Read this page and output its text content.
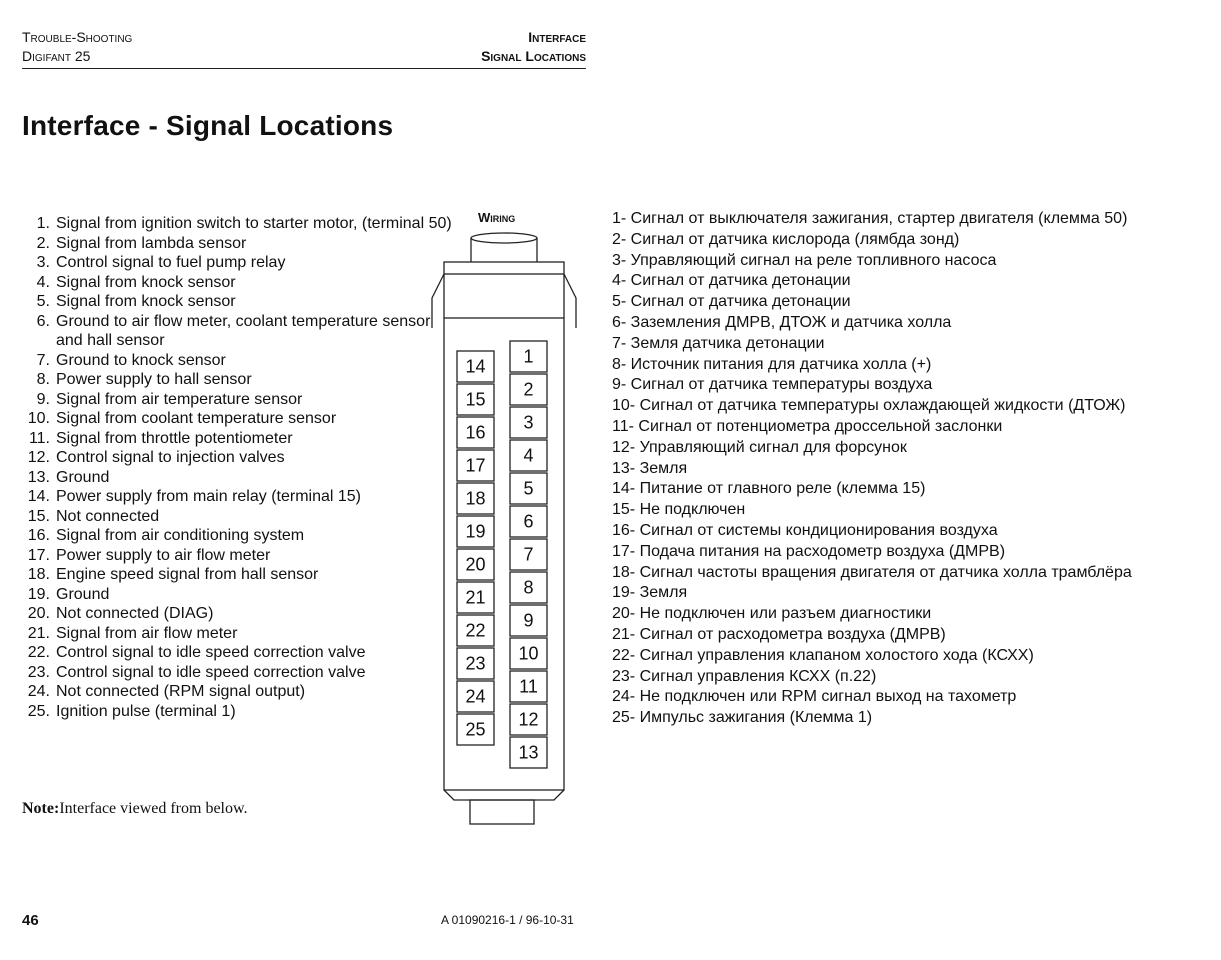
Trouble-Shooting
Digifant 25
Interface
Signal Locations
Interface - Signal Locations
1. Signal from ignition switch to starter motor, (terminal 50)
2. Signal from lambda sensor
3. Control signal to fuel pump relay
4. Signal from knock sensor
5. Signal from knock sensor
6. Ground to air flow meter, coolant temperature sensor
and hall sensor
7. Ground to knock sensor
8. Power supply to hall sensor
9. Signal from air temperature sensor
10. Signal from coolant temperature sensor
11. Signal from throttle potentiometer
12. Control signal to injection valves
13. Ground
14. Power supply from main relay (terminal 15)
15. Not connected
16. Signal from air conditioning system
17. Power supply to air flow meter
18. Engine speed signal from hall sensor
19. Ground
20. Not connected (DIAG)
21. Signal from air flow meter
22. Control signal to idle speed correction valve
23. Control signal to idle speed correction valve
24. Not connected (RPM signal output)
25. Ignition pulse (terminal 1)
Note:Interface viewed from below.
Wiring
14
15
16
17
18
19
20
21
22
23
24
25
1
2
3
4
5
6
7
8
9
10
11
12
13
1- Сигнал от выключателя зажигания, стартер двигателя (клемма 50)
2- Сигнал от датчика кислорода (лямбда зонд)
3- Управляющий сигнал на реле топливного насоса
4- Сигнал от датчика детонации
5- Сигнал от датчика детонации
6- Заземления ДМРВ, ДТОЖ и датчика холла
7- Земля датчика детонации
8- Источник питания для датчика холла (+)
9- Сигнал от датчика температуры воздуха
10- Сигнал от датчика температуры охлаждающей жидкости (ДТОЖ)
11- Сигнал от потенциометра дроссельной заслонки
12- Управляющий сигнал для форсунок
13- Земля
14- Питание от главного реле (клемма 15)
15- Не подключен
16- Сигнал от системы кондиционирования воздуха
17- Подача питания на расходометр воздуха (ДМРВ)
18- Сигнал частоты вращения двигателя от датчика холла трамблёра
19- Земля
20- Не подключен или разъем диагностики
21- Сигнал от расходометра воздуха (ДМРВ)
22- Сигнал управления клапаном холостого хода (КСХХ)
23- Сигнал управления КСХХ (п.22)
24- Не подключен или RPM сигнал выход на тахометр
25- Импульс зажигания (Клемма 1)
46	A 01090216-1 / 96-10-31
